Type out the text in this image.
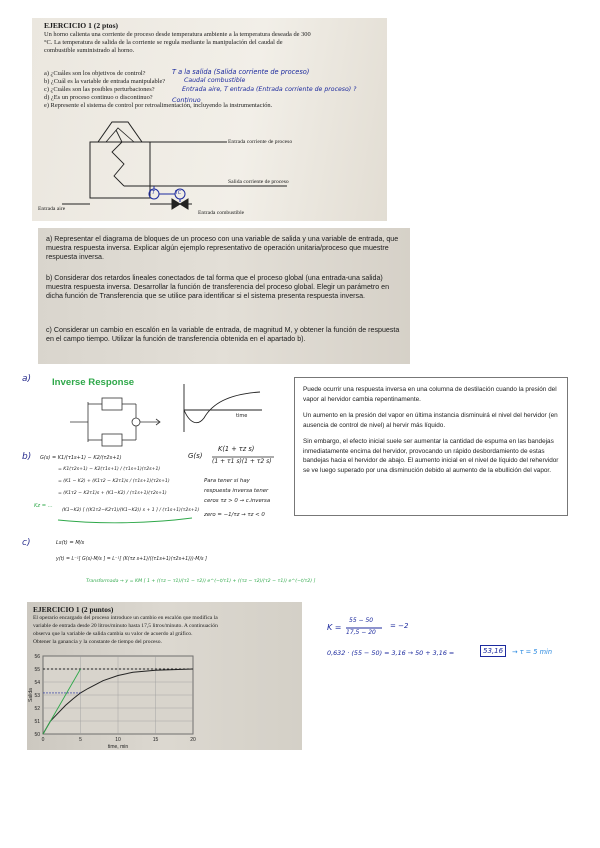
EJERCICIO 1 (2 ptos)
Un horno calienta una corriente de proceso desde temperatura ambiente a la temperatura deseada de 300
°C. La temperatura de salida de la corriente se regula mediante la manipulación del caudal de
combustible suministrado al horno.
a) ¿Cuáles son los objetivos de control?
b) ¿Cuál es la variable de entrada manipulable?
c) ¿Cuáles son las posibles perturbaciones?
d) ¿Es un proceso continuo o discontinuo?
e) Represente el sistema de control por retroalimentación, incluyendo la instrumentación.
T a la salida (Salida corriente de proceso)
Caudal combustible
Entrada aire, T entrada (Entrada corriente de proceso) ?
Continuo
TT	TC
Entrada corriente de proceso
Salida corriente de proceso
Entrada aire
Entrada combustible
a) Representar el diagrama de bloques de un proceso con una variable de salida y una variable de entrada, que muestra respuesta inversa. Explicar algún ejemplo representativo de operación unitaria/proceso que muestre respuesta inversa.
b) Considerar dos retardos lineales conectados de tal forma que el proceso global (una entrada-una salida) muestra respuesta inversa. Desarrollar la función de transferencia del proceso global. Elegir un parámetro en dicha función de Transferencia que se utilice para identificar si el sistema presenta respuesta inversa.
c) Considerar un cambio en escalón en la variable de entrada, de magnitud M, y obtener la función de respuesta en el campo tiempo. Utilizar la función de transferencia obtenida en el apartado b).
a) Inverse Response
time

Puede ocurrir una respuesta inversa en una columna de destilación cuando la presión del vapor al hervidor cambia repentinamente.

Un aumento en la presión del vapor en última instancia disminuirá el nivel del hervidor (en ausencia de control de nivel) al hervir más líquido.

Sin embargo, el efecto inicial suele ser aumentar la cantidad de espuma en las bandejas inmediatamente encima del hervidor, provocando un rápido desbordamiento de estas bandejas hacia el hervidor de abajo. El aumento inicial en el nivel de líquido del rehervidor se ve luego superado por una disminución debido al aumento de la ebullición del vapor.

b) G(s) = K1/(τ1s+1) − K2/(τ2s+1)
= K1(τ2s+1) − K2(τ1s+1) / (τ1s+1)(τ2s+1)
= (K1 − K2) + (K1τ2 − K2τ1)s / (τ1s+1)(τ2s+1)
= (K1τ2 − K2τ1)s + (K1−K2) / (τ1s+1)(τ2s+1)
Kz = ...
(K1−K2) [ ((K1τ2−K2τ1)/(K1−K2)) s + 1 ] / (τ1s+1)(τ2s+1)
G(s)
K(1 + τz s)
(1 + τ1 s)(1 + τ2 s)
Para tener si hay
respuesta inversa tener
ceros τz > 0 → c.inversa
zero = −1/τz → τz < 0
c)	Ls(t) = M/s
y(t) = L⁻¹[ G(s)·M/s ] = L⁻¹[ (K(τz s+1)/((τ1s+1)(τ2s+1)))·M/s ]
Transformada → y = KM [ 1 + ((τz − τ1)/(τ1 − τ2)) e^(−t/τ1) + ((τz − τ2)/(τ2 − τ1)) e^(−t/τ2) ]
EJERCICIO 1 (2 puntos)
El operario encargado del proceso introduce un cambio en escalón que modifica la
variable de entrada desde 20 litros/minuto hasta 17,5 litros/minuto. A continuación
observa que la variable de salida cambia su valor de acuerdo al gráfico.
Obtener la ganancia y la constante de tiempo del proceso.
56
55
54
53
52
51
50
0	5	10	15	20
Salida
time, min
K =
55 − 50
17,5 − 20
= −2
0,632 · (55 − 50) = 3,16 → 50 + 3,16 =	53,16	→ τ = 5 min
